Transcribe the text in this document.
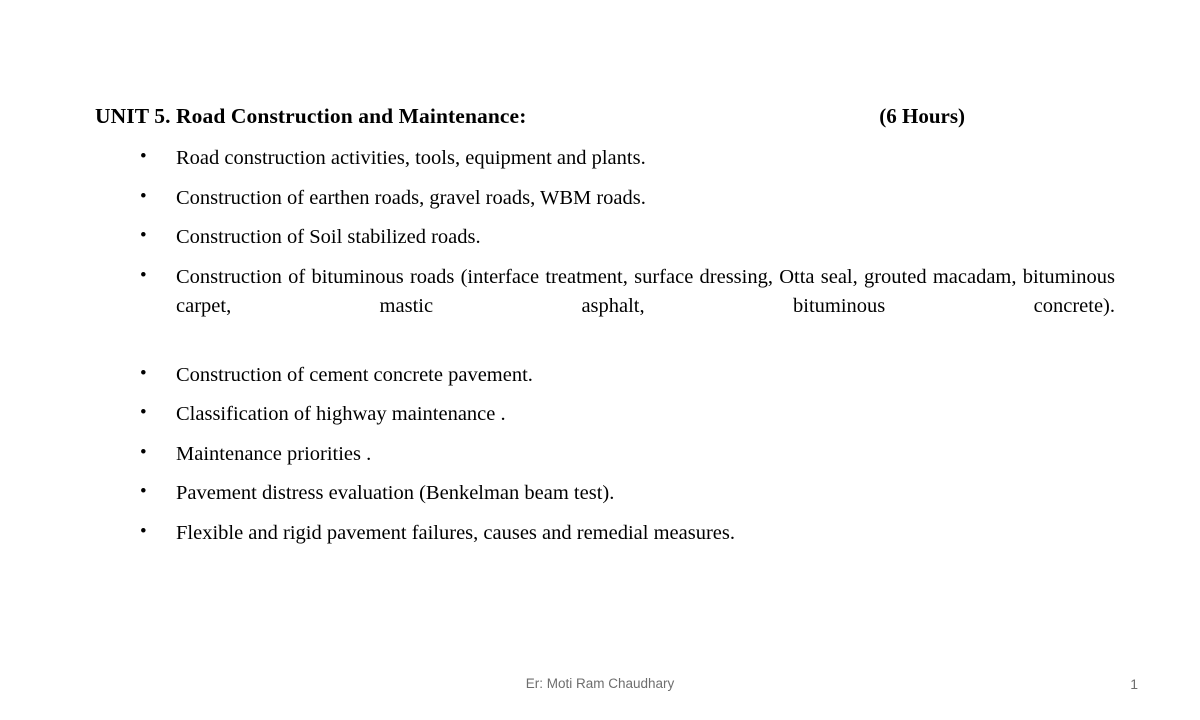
UNIT 5. Road Construction and Maintenance:	(6 Hours)
•	Road construction activities, tools, equipment and plants.
•	Construction of earthen roads, gravel roads, WBM roads.
•	Construction of Soil stabilized roads.
•	Construction of bituminous roads (interface treatment, surface dressing, Otta seal, grouted macadam, bituminous carpet, mastic asphalt, bituminous concrete).
•	Construction of cement concrete pavement.
•	Classification of highway maintenance .
•	Maintenance priorities .
•	Pavement distress evaluation (Benkelman beam test).
•	Flexible and rigid pavement failures, causes and remedial measures.
Er: Moti Ram Chaudhary	1
